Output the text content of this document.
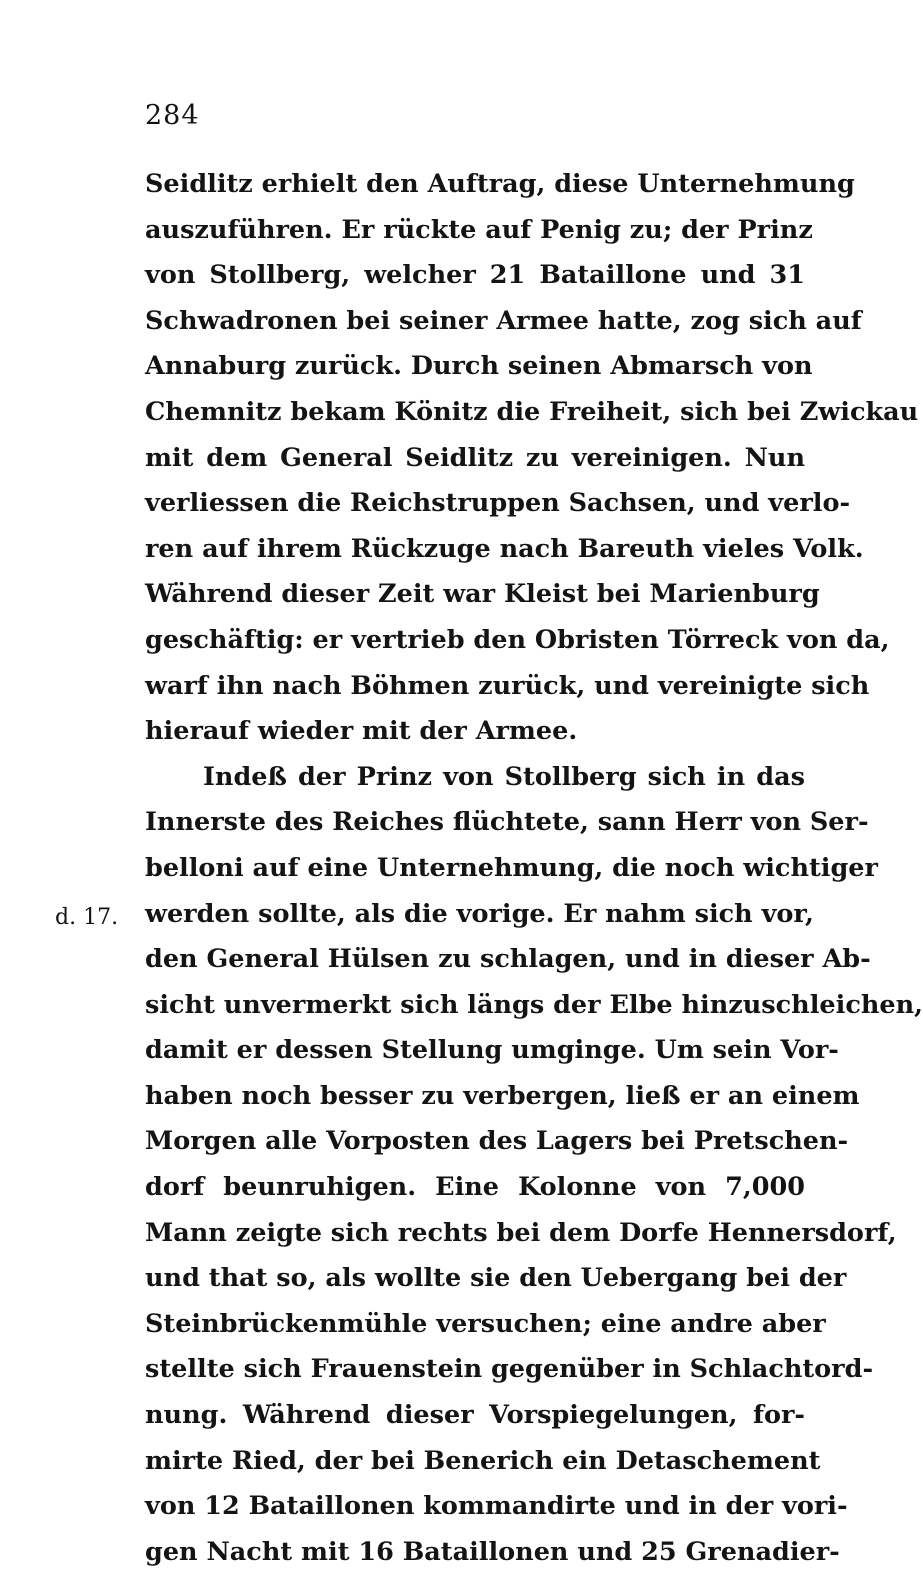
284
d. 17.
Seidlitz erhielt den Auftrag, diese Unternehmung
auszuführen. Er rückte auf Penig zu; der Prinz
von Stollberg, welcher 21 Bataillone und 31
Schwadronen bei seiner Armee hatte, zog sich auf
Annaburg zurück. Durch seinen Abmarsch von
Chemnitz bekam Könitz die Freiheit, sich bei Zwickau
mit dem General Seidlitz zu vereinigen. Nun
verliessen die Reichstruppen Sachsen, und verlo-
ren auf ihrem Rückzuge nach Bareuth vieles Volk.
Während dieser Zeit war Kleist bei Marienburg
geschäftig: er vertrieb den Obristen Törreck von da,
warf ihn nach Böhmen zurück, und vereinigte sich
hierauf wieder mit der Armee.
Indeß der Prinz von Stollberg sich in das
Innerste des Reiches flüchtete, sann Herr von Ser-
belloni auf eine Unternehmung, die noch wichtiger
werden sollte, als die vorige. Er nahm sich vor,
den General Hülsen zu schlagen, und in dieser Ab-
sicht unvermerkt sich längs der Elbe hinzuschleichen,
damit er dessen Stellung umginge. Um sein Vor-
haben noch besser zu verbergen, ließ er an einem
Morgen alle Vorposten des Lagers bei Pretschen-
dorf beunruhigen. Eine Kolonne von 7,000
Mann zeigte sich rechts bei dem Dorfe Hennersdorf,
und that so, als wollte sie den Uebergang bei der
Steinbrückenmühle versuchen; eine andre aber
stellte sich Frauenstein gegenüber in Schlachtord-
nung. Während dieser Vorspiegelungen, for-
mirte Ried, der bei Benerich ein Detaschement
von 12 Bataillonen kommandirte und in der vori-
gen Nacht mit 16 Bataillonen und 25 Grenadier-
